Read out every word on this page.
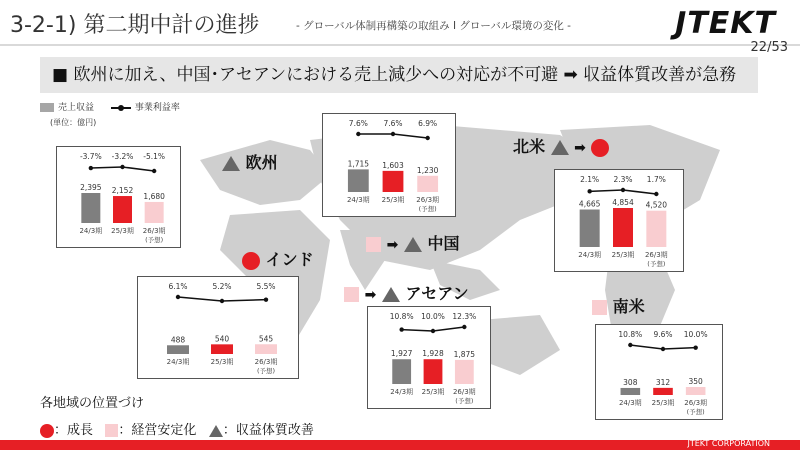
3-2-1) 第二期中計の進捗	- グローバル体制再構築の取組み I グローバル環境の変化 -	JTEKT
22/53
■ 欧州に加え、中国･アセアンにおける売上減少への対応が不可避 ➡ 収益体質改善が急務
売上収益	事業利益率
(単位：億円)
2,395
24/3期
-3.7%
2,152
25/3期
-3.2%
1,680
26/3期
(予想)
-5.1%	欧州	1,715
24/3期
7.6%
1,603
25/3期
7.6%
1,230
26/3期
(予想)
6.9%
➡ 中国
北米 ➡
4,665
24/3期
2.1%
4,854
25/3期
2.3%
4,520
26/3期
(予想)
1.7%
インド
488
24/3期
6.1%
540
25/3期
5.2%
545
26/3期
(予想)
5.5%	➡ アセアン
1,927
24/3期
10.8%
1,928
25/3期
10.0%
1,875
26/3期
(予想)
12.3%
南米
308
24/3期
10.8%
312
25/3期
9.6%
350
26/3期
(予想)
10.0%
各地域の位置づけ
：成長 ：経営安定化 ：収益体質改善
JTEKT CORPORATION
